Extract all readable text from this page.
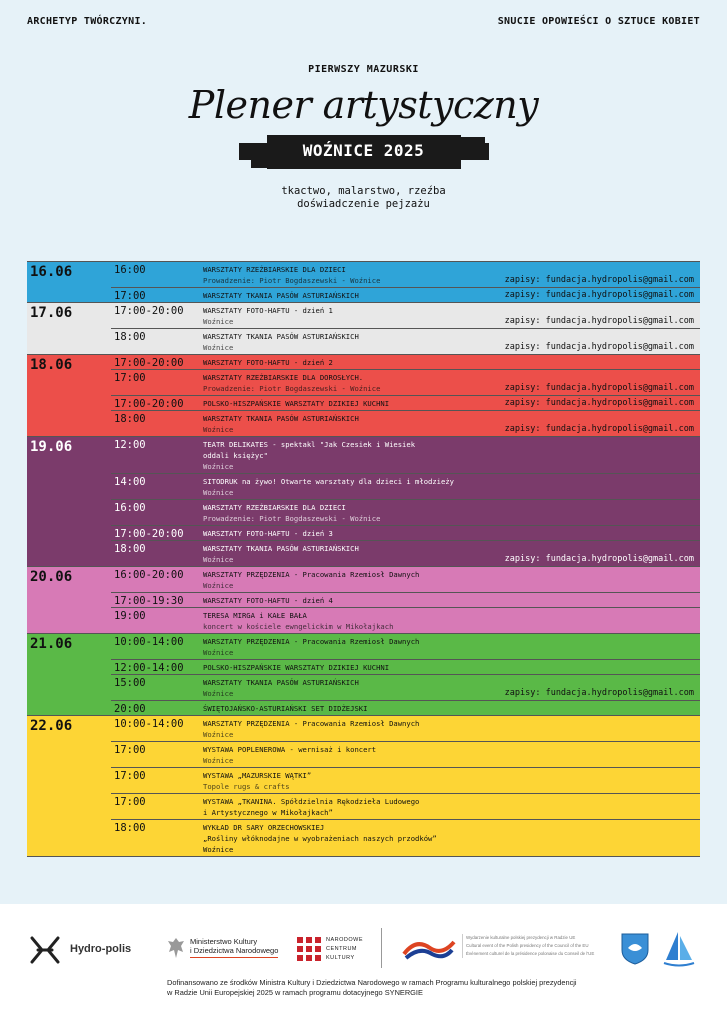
ARCHETYP TWÓRCZYNI.	SNUCIE OPOWIEŚCI O SZTUCE KOBIET
PIERWSZY MAZURSKI
Plener artystyczny
WOŹNICE 2025
tkactwo, malarstwo, rzeźba
doświadczenie pejzażu
16.06	16:00	WARSZTATY RZEŹBIARSKIE DLA DZIECI
Prowadzenie: Piotr Bogdaszewski - Woźnice	zapisy: fundacja.hydropolis@gmail.com
17:00	WARSZTATY TKANIA PASÓW ASTURIAŃSKICH	zapisy: fundacja.hydropolis@gmail.com
17.06	17:00-20:00	WARSZTATY FOTO-HAFTU - dzień 1
Woźnice	zapisy: fundacja.hydropolis@gmail.com
18:00	WARSZTATY TKANIA PASÓW ASTURIAŃSKICH
Woźnice	zapisy: fundacja.hydropolis@gmail.com
18.06	17:00-20:00	WARSZTATY FOTO-HAFTU - dzień 2
17:00	WARSZTATY RZEŹBIARSKIE DLA DOROSŁYCH.
Prowadzenie: Piotr Bogdaszewski - Woźnice	zapisy: fundacja.hydropolis@gmail.com
17:00-20:00	POLSKO-HISZPAŃSKIE WARSZTATY DZIKIEJ KUCHNI	zapisy: fundacja.hydropolis@gmail.com
18:00	WARSZTATY TKANIA PASÓW ASTURIAŃSKICH
Woźnice	zapisy: fundacja.hydropolis@gmail.com
19.06	12:00	TEATR DELIKATES - spektakl "Jak Czesiek i Wiesiek
oddali księżyc"
Woźnice
14:00	SITODRUK na żywo! Otwarte warsztaty dla dzieci i młodzieży
Woźnice
16:00	WARSZTATY RZEŹBIARSKIE DLA DZIECI
Prowadzenie: Piotr Bogdaszewski - Woźnice
17:00-20:00	WARSZTATY FOTO-HAFTU - dzień 3
18:00	WARSZTATY TKANIA PASÓW ASTURIAŃSKICH
Woźnice	zapisy: fundacja.hydropolis@gmail.com
20.06	16:00-20:00	WARSZTATY PRZĘDZENIA - Pracowania Rzemiosł Dawnych
Woźnice
17:00-19:30	WARSZTATY FOTO-HAFTU - dzień 4
19:00	TERESA MIRGA i KAŁE BAŁA
koncert w kościele ewngelickim w Mikołajkach
21.06	10:00-14:00	WARSZTATY PRZĘDZENIA - Pracowania Rzemiosł Dawnych
Woźnice
12:00-14:00	POLSKO-HISZPAŃSKIE WARSZTATY DZIKIEJ KUCHNI
15:00	WARSZTATY TKANIA PASÓW ASTURIAŃSKICH
Woźnice	zapisy: fundacja.hydropolis@gmail.com
20:00	ŚWIĘTOJAŃSKO-ASTURIAŃSKI SET DIDŻEJSKI
22.06	10:00-14:00	WARSZTATY PRZĘDZENIA - Pracowania Rzemiosł Dawnych
Woźnice
17:00	WYSTAWA POPLENEROWA - wernisaż i koncert
Woźnice
17:00	WYSTAWA „MAZURSKIE WĄTKI”
Topole rugs & crafts
17:00	WYSTAWA „TKANINA. Spółdzielnia Rękodzieła Ludowego
i Artystycznego w Mikołajkach”
18:00	WYKŁAD DR SARY ORZECHOWSKIEJ
„Rośliny włóknodajne w wyobrażeniach naszych przodków”
Woźnice
Hydro-polis
Ministerstwo Kultury
i Dziedzictwa Narodowego
NARODOWE
CENTRUM
KULTURY
Wydarzenie kulturalne polskiej prezydencji w Radzie UE
Cultural event of the Polish presidency of the Council of the EU
Événement culturel de la présidence polonaise du Conseil de l'UE
Dofinansowano ze środków Ministra Kultury i Dziedzictwa Narodowego w ramach Programu kulturalnego polskiej prezydencji
w Radzie Unii Europejskiej 2025 w ramach programu dotacyjnego SYNERGIE
